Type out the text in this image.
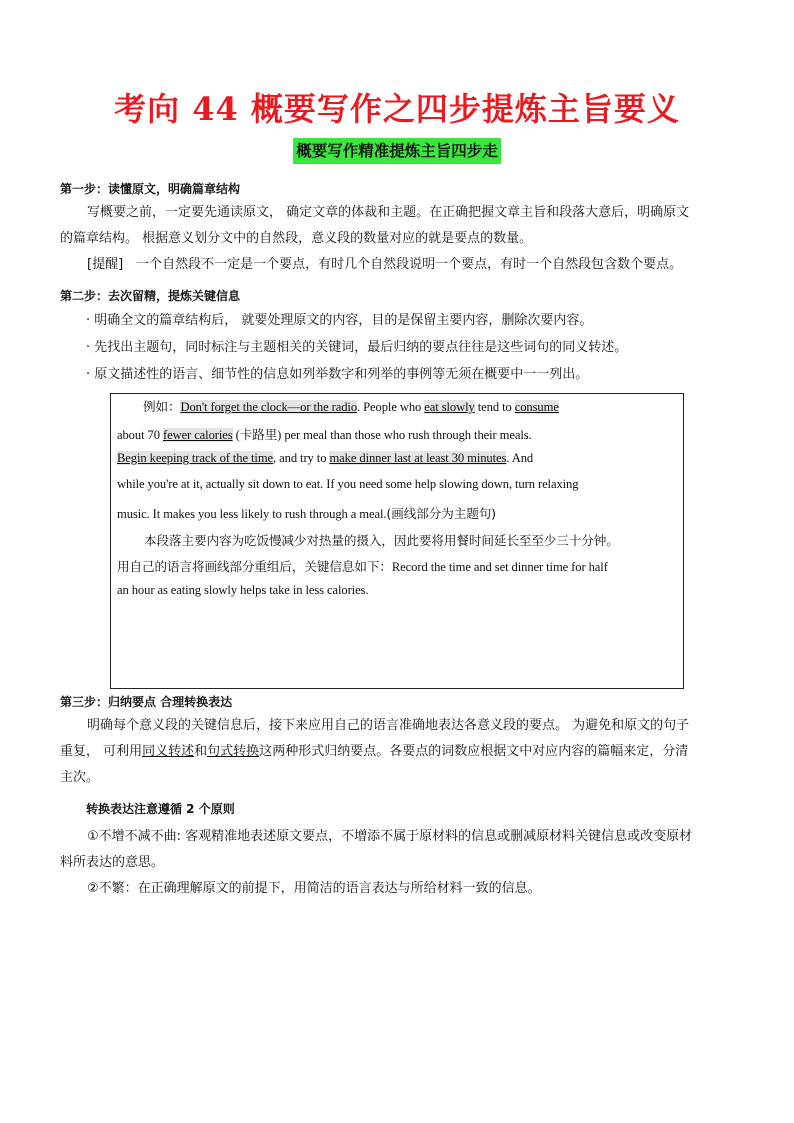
考向 44 概要写作之四步提炼主旨要义
概要写作精准提炼主旨四步走
第一步：读懂原文，明确篇章结构
写概要之前，一定要先通读原文， 确定文章的体裁和主题。在正确把握文章主旨和段落大意后，明确原文
的篇章结构。 根据意义划分文中的自然段，意义段的数量对应的就是要点的数量。
[提醒]　一个自然段不一定是一个要点，有时几个自然段说明一个要点，有时一个自然段包含数个要点。
第二步：去次留精，提炼关键信息
· 明确全文的篇章结构后， 就要处理原文的内容，目的是保留主要内容，删除次要内容。
· 先找出主题句，同时标注与主题相关的关键词，最后归纳的要点往往是这些词句的同义转述。
· 原文描述性的语言、细节性的信息如列举数字和列举的事例等无须在概要中一一列出。
例如：Don't forget the clock—or the radio. People who eat slowly tend to consume
about 70 fewer calories (卡路里) per meal than those who rush through their meals.
Begin keeping track of the time, and try to make dinner last at least 30 minutes. And
while you're at it, actually sit down to eat. If you need some help slowing down, turn relaxing
music. It makes you less likely to rush through a meal.(画线部分为主题句)
本段落主要内容为吃饭慢减少对热量的摄入，因此要将用餐时间延长至至少三十分钟。
用自己的语言将画线部分重组后，关键信息如下：Record the time and set dinner time for half
an hour as eating slowly helps take in less calories.
第三步：归纳要点 合理转换表达
明确每个意义段的关键信息后，接下来应用自己的语言准确地表达各意义段的要点。 为避免和原文的句子
重复， 可利用同义转述和句式转换这两种形式归纳要点。各要点的词数应根据文中对应内容的篇幅来定，分清
主次。
转换表达注意遵循 2 个原则
①不增不减不曲: 客观精准地表述原文要点，不增添不属于原材料的信息或删减原材料关键信息或改变原材
料所表达的意思。
②不繁：在正确理解原文的前提下，用简洁的语言表达与所给材料一致的信息。
